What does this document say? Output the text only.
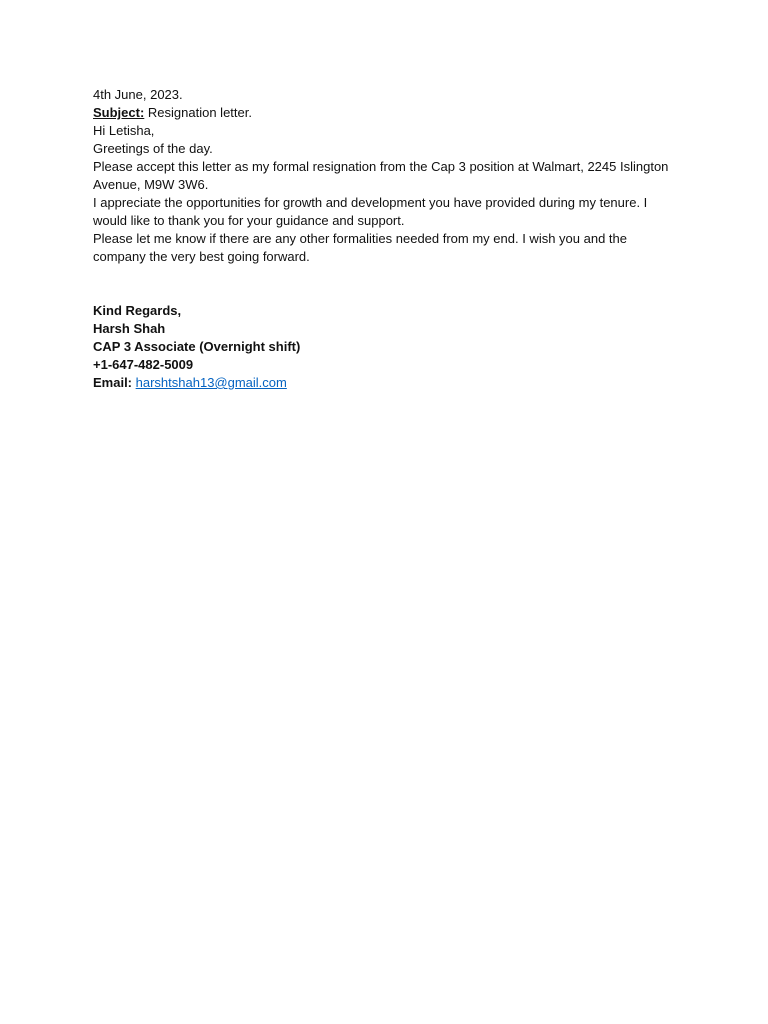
4th June, 2023.

Subject: Resignation letter.

Hi Letisha,

Greetings of the day.

Please accept this letter as my formal resignation from the Cap 3 position at Walmart, 2245 Islington Avenue, M9W 3W6.

I appreciate the opportunities for growth and development you have provided during my tenure. I would like to thank you for your guidance and support.

Please let me know if there are any other formalities needed from my end. I wish you and the company the very best going forward.

Kind Regards,

Harsh Shah

CAP 3 Associate (Overnight shift)

+1-647-482-5009

Email: harshtshah13@gmail.com
